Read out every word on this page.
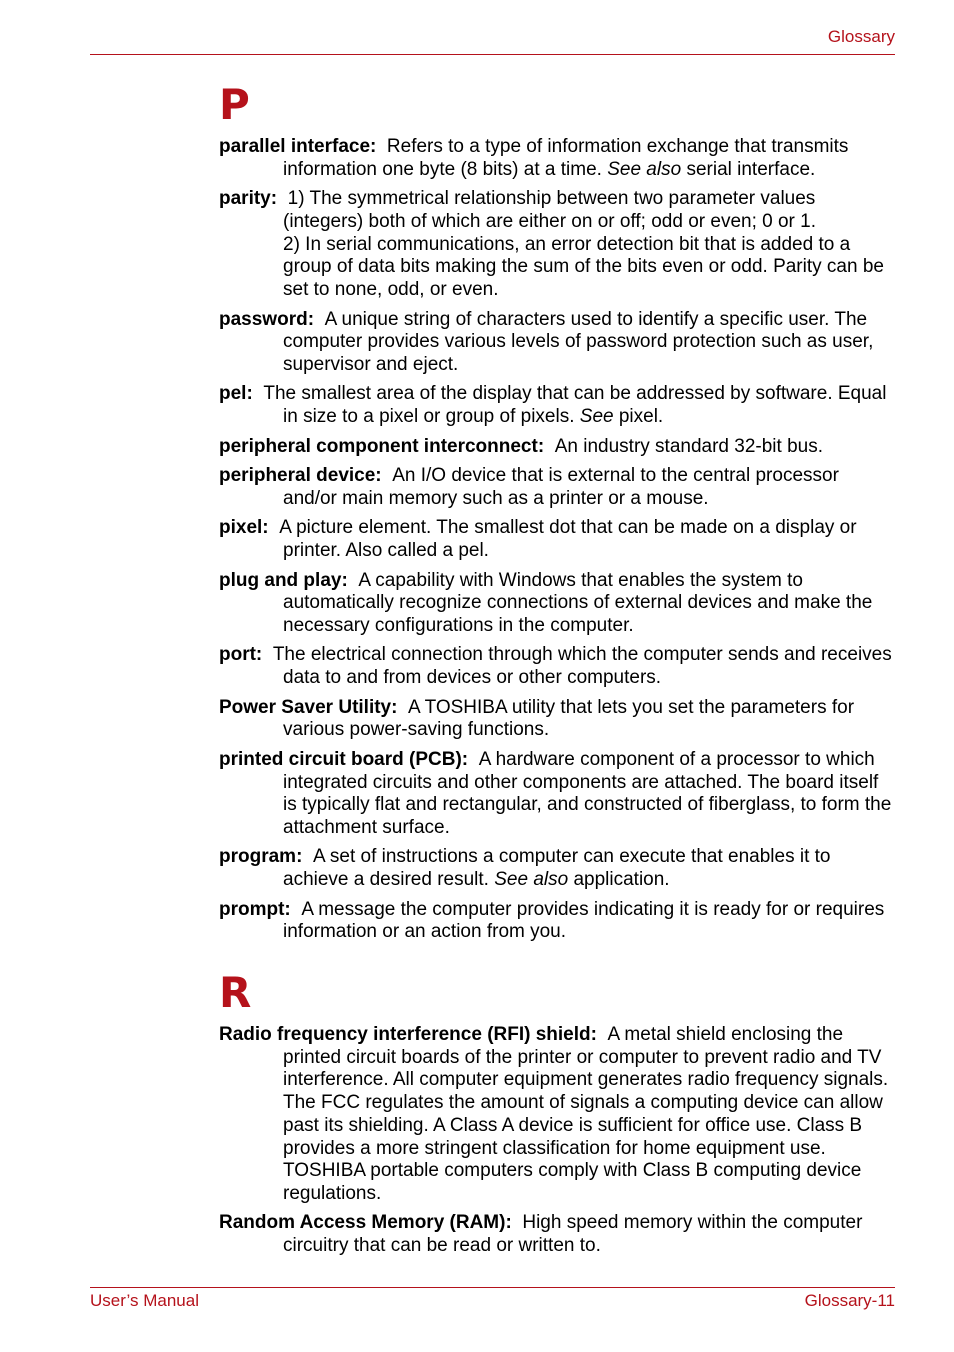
Glossary
P

parallel interface: Refers to a type of information exchange that transmits information one byte (8 bits) at a time. See also serial interface.

parity: 1) The symmetrical relationship between two parameter values (integers) both of which are either on or off; odd or even; 0 or 1.
2) In serial communications, an error detection bit that is added to a group of data bits making the sum of the bits even or odd. Parity can be set to none, odd, or even.

password: A unique string of characters used to identify a specific user. The computer provides various levels of password protection such as user, supervisor and eject.

pel: The smallest area of the display that can be addressed by software. Equal in size to a pixel or group of pixels. See pixel.

peripheral component interconnect: An industry standard 32-bit bus.

peripheral device: An I/O device that is external to the central processor and/or main memory such as a printer or a mouse.

pixel: A picture element. The smallest dot that can be made on a display or printer. Also called a pel.

plug and play: A capability with Windows that enables the system to automatically recognize connections of external devices and make the necessary configurations in the computer.

port: The electrical connection through which the computer sends and receives data to and from devices or other computers.

Power Saver Utility: A TOSHIBA utility that lets you set the parameters for various power-saving functions.

printed circuit board (PCB): A hardware component of a processor to which integrated circuits and other components are attached. The board itself is typically flat and rectangular, and constructed of fiberglass, to form the attachment surface.

program: A set of instructions a computer can execute that enables it to achieve a desired result. See also application.

prompt: A message the computer provides indicating it is ready for or requires information or an action from you.

R

Radio frequency interference (RFI) shield: A metal shield enclosing the printed circuit boards of the printer or computer to prevent radio and TV interference. All computer equipment generates radio frequency signals. The FCC regulates the amount of signals a computing device can allow past its shielding. A Class A device is sufficient for office use. Class B provides a more stringent classification for home equipment use. TOSHIBA portable computers comply with Class B computing device regulations.

Random Access Memory (RAM): High speed memory within the computer circuitry that can be read or written to.

User’s Manual	Glossary-11
